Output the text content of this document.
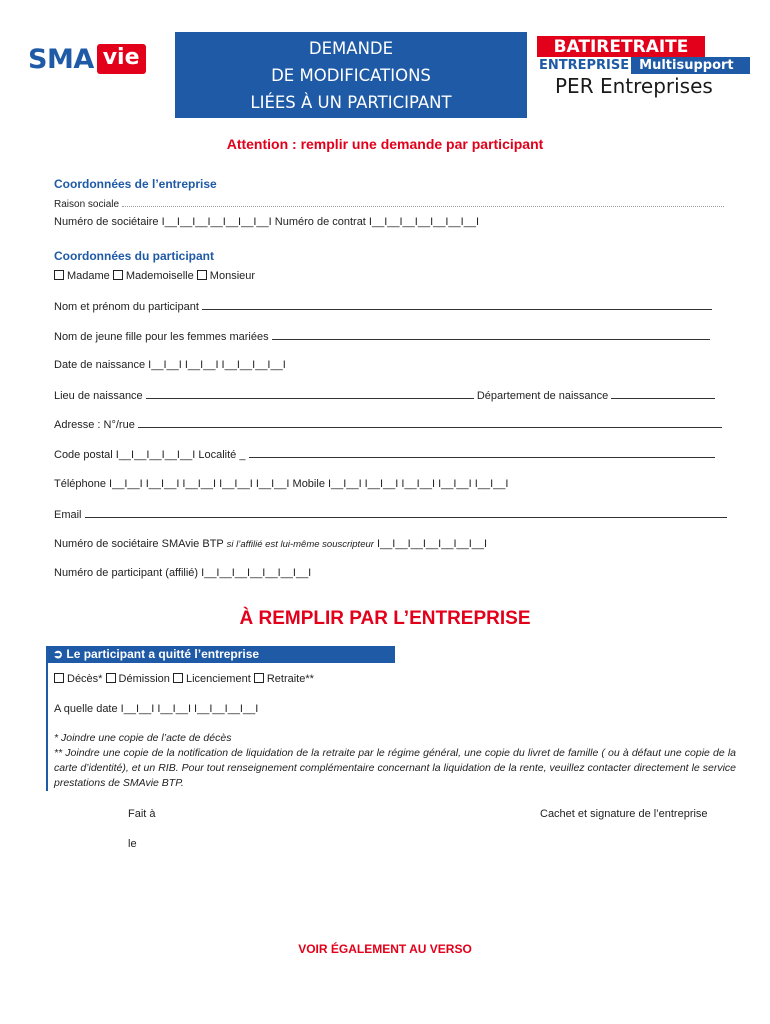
SMA vie	DEMANDE
DE MODIFICATIONS
LIÉES À UN PARTICIPANT
BATIRETRAITE
ENTREPRISE Multisupport
PER Entreprises
Attention : remplir une demande par participant
Coordonnées de l’entreprise
Raison sociale
Numéro de sociétaire I__I__I__I__I__I__I__I Numéro de contrat I__I__I__I__I__I__I__I
Coordonnées du participant
Madame Mademoiselle Monsieur
Nom et prénom du participant
Nom de jeune fille pour les femmes mariées
Date de naissance I__I__I I__I__I I__I__I__I__I
Lieu de naissance	Département de naissance
Adresse : N°/rue
Code postal I__I__I__I__I__I Localité _
Téléphone I__I__I I__I__I I__I__I I__I__I I__I__I Mobile I__I__I I__I__I I__I__I I__I__I I__I__I
Email
Numéro de sociétaire SMAvie BTP si l’affilié est lui-même souscripteur I__I__I__I__I__I__I__I
Numéro de participant (affilié) I__I__I__I__I__I__I__I
À REMPLIR PAR L’ENTREPRISE
➲ Le participant a quitté l’entreprise
Décès* Démission Licenciement Retraite**
A quelle date I__I__I I__I__I I__I__I__I__I
* Joindre une copie de l’acte de décès
** Joindre une copie de la notification de liquidation de la retraite par le régime général, une copie du livret de famille ( ou à défaut une copie de la carte d’identité), et un RIB. Pour tout renseignement complémentaire concernant la liquidation de la rente, veuillez contacter directement le service prestations de SMAvie BTP.
Fait à	Cachet et signature de l’entreprise
le
VOIR ÉGALEMENT AU VERSO
